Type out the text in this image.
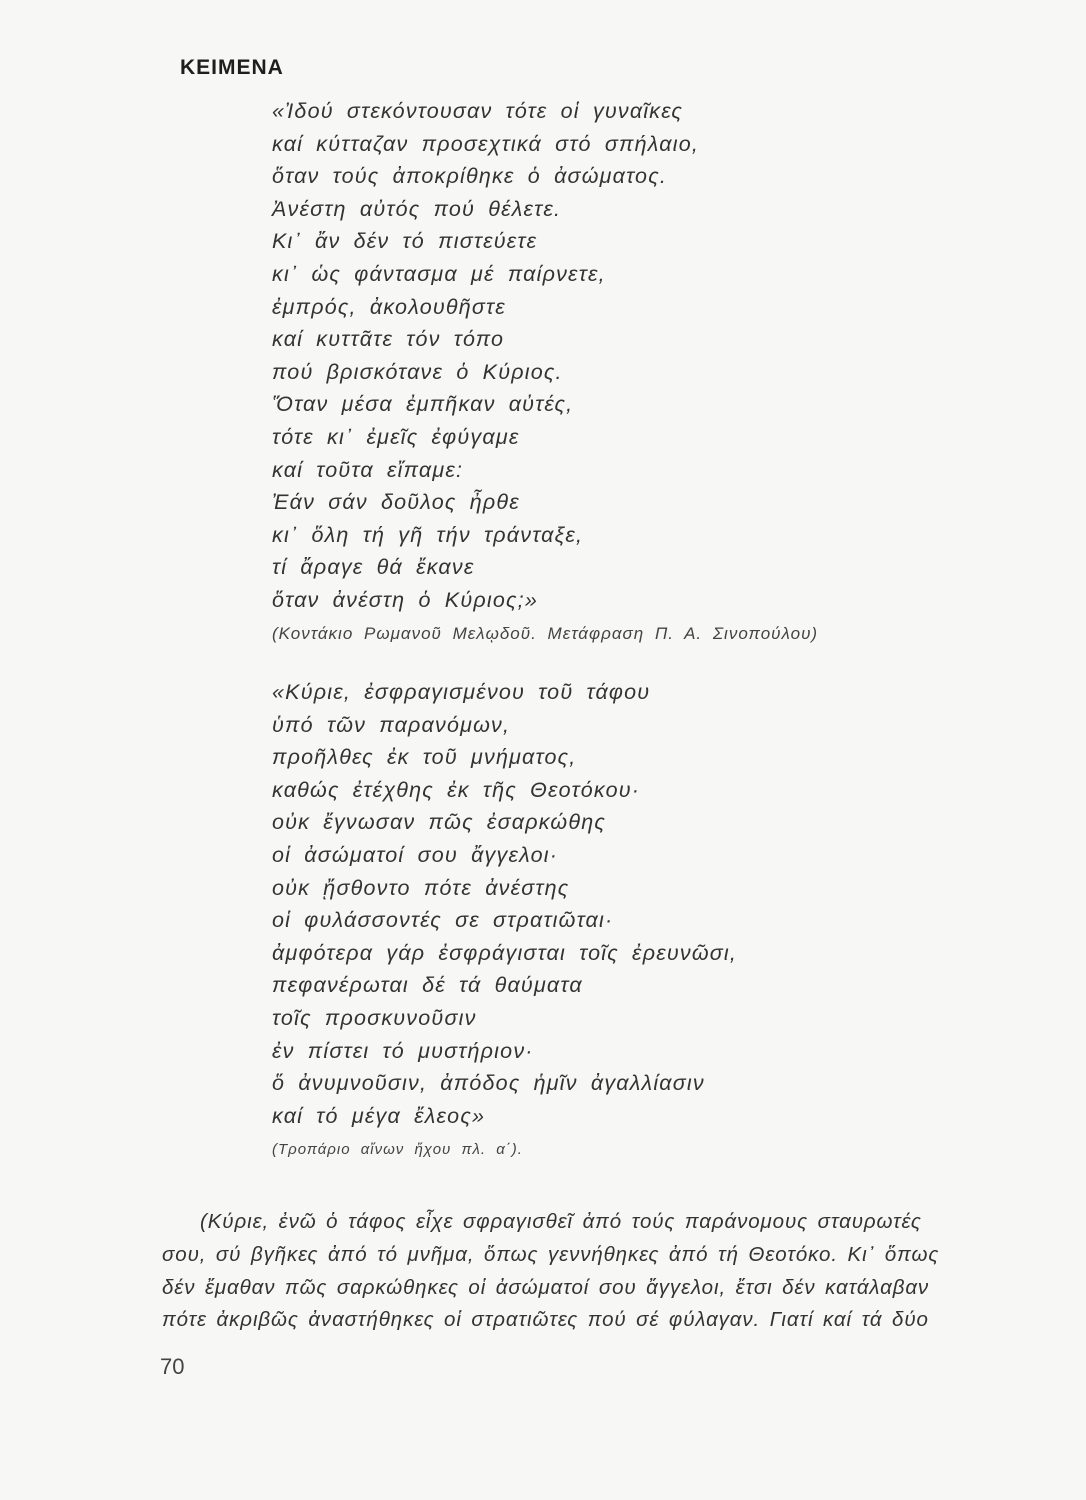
ΚΕΙΜΕΝΑ
«Ἰδού στεκόντουσαν τότε οἱ γυναῖκες
καί κύτταζαν προσεχτικά στό σπήλαιο,
ὅταν τούς ἀποκρίθηκε ὁ ἀσώματος.
Ἀνέστη αὐτός πού θέλετε.
Κι᾿ ἄν δέν τό πιστεύετε
κι᾿ ὡς φάντασμα μέ παίρνετε,
ἐμπρός, ἀκολουθῆστε
καί κυττᾶτε τόν τόπο
πού βρισκότανε ὁ Κύριος.
Ὅταν μέσα ἐμπῆκαν αὐτές,
τότε κι᾿ ἐμεῖς ἐφύγαμε
καί τοῦτα εἴπαμε:
Ἐάν σάν δοῦλος ἦρθε
κι᾿ ὅλη τή γῆ τήν τράνταξε,
τί ἄραγε θά ἔκανε
ὅταν ἀνέστη ὁ Κύριος;»
(Κοντάκιο Ρωμανοῦ Μελῳδοῦ. Μετάφραση Π. Α. Σινοπούλου)
«Κύριε, ἐσφραγισμένου τοῦ τάφου
ὑπό τῶν παρανόμων,
προῆλθες ἐκ τοῦ μνήματος,
καθώς ἐτέχθης ἐκ τῆς Θεοτόκου·
οὐκ ἔγνωσαν πῶς ἐσαρκώθης
οἱ ἀσώματοί σου ἄγγελοι·
οὐκ ᾔσθοντο πότε ἀνέστης
οἱ φυλάσσοντές σε στρατιῶται·
ἀμφότερα γάρ ἐσφράγισται τοῖς ἐρευνῶσι,
πεφανέρωται δέ τά θαύματα
τοῖς προσκυνοῦσιν
ἐν πίστει τό μυστήριον·
ὅ ἀνυμνοῦσιν, ἀπόδος ἡμῖν ἀγαλλίασιν
καί τό μέγα ἔλεος»
(Τροπάριο αἴνων ἤχου πλ. α΄).
(Κύριε, ἐνῶ ὁ τάφος εἶχε σφραγισθεῖ ἀπό τούς παράνομους σταυρωτές
σου, σύ βγῆκες ἀπό τό μνῆμα, ὅπως γεννήθηκες ἀπό τή Θεοτόκο. Κι᾿ ὅπως
δέν ἔμαθαν πῶς σαρκώθηκες οἱ ἀσώματοί σου ἄγγελοι, ἔτσι δέν κατάλαβαν
πότε ἀκριβῶς ἀναστήθηκες οἱ στρατιῶτες πού σέ φύλαγαν. Γιατί καί τά δύο
70
